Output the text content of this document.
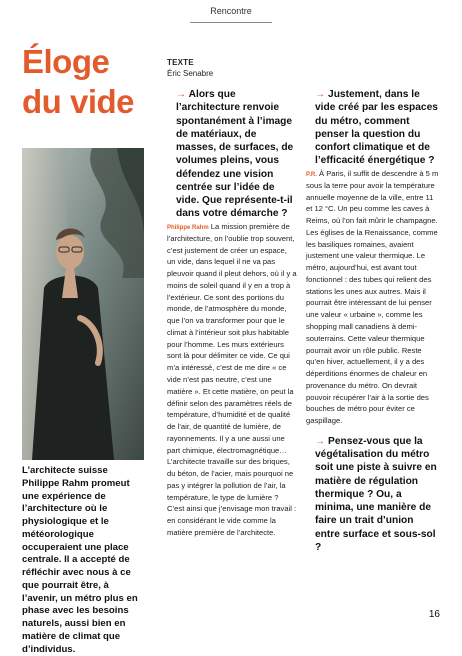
Rencontre
Éloge
du vide
L’architecte suisse Philippe Rahm promeut une expérience de l’architecture où le physiologique et le météorologique occuperaient une place centrale. Il a accepté de réfléchir avec nous à ce que pourrait être, à l’avenir, un métro plus en phase avec les besoins naturels, aussi bien en matière de climat que d’individus.
TEXTE
Éric Senabre
→ Alors que l’architecture renvoie spontanément à l’image de matériaux, de masses, de surfaces, de volumes pleins, vous défendez une vision centrée sur l’idée de vide. Que représente-t-il dans votre démarche ?
Philippe Rahm La mission première de l’architecture, on l’oublie trop souvent, c’est justement de créer un espace, un vide, dans lequel il ne va pas pleuvoir quand il pleut dehors, où il y a moins de soleil quand il y en a trop à l’extérieur. Ce sont des portions du monde, de l’atmosphère du monde, que l’on va transformer pour que le climat à l’intérieur soit plus habitable pour l’homme. Les murs extérieurs sont là pour délimiter ce vide. Ce qui m’a intéressé, c’est de me dire « ce vide n’est pas neutre, c’est une matière ». Et cette matière, on peut la définir selon des paramètres réels de température, d’humidité et de qualité de l’air, de quantité de lumière, de rayonnements. Il y a une aussi une part chimique, électromagnétique… L’architecte travaille sur des briques, du béton, de l’acier, mais pourquoi ne pas y intégrer la pollution de l’air, la température, le type de lumière ? C’est ainsi que j’envisage mon travail : en considérant le vide comme la matière première de l’architecte.
→ Justement, dans le vide créé par les espaces du métro, comment penser la question du confort climatique et de l’efficacité énergétique ?
P.R. À Paris, il suffit de descendre à 5 m sous la terre pour avoir la température annuelle moyenne de la ville, entre 11 et 12 °C. Un peu comme les caves à Reims, où l’on fait mûrir le champagne. Les églises de la Renaissance, comme les basiliques romaines, avaient justement une valeur thermique. Le métro, aujourd’hui, est avant tout fonctionnel : des tubes qui relient des stations les unes aux autres. Mais il pourrait être intéressant de lui penser une valeur « urbaine », comme les shopping mall canadiens à demi-souterrains. Cette valeur thermique pourrait avoir un rôle public. Reste qu’en hiver, actuellement, il y a des déperditions énormes de chaleur en provenance du métro. On devrait pouvoir récupérer l’air à la sortie des bouches de métro pour éviter ce gaspillage.
→ Pensez-vous que la végétalisation du métro soit une piste à suivre en matière de régulation thermique ? Ou, a minima, une manière de faire un trait d’union entre surface et sous-sol ?
16
